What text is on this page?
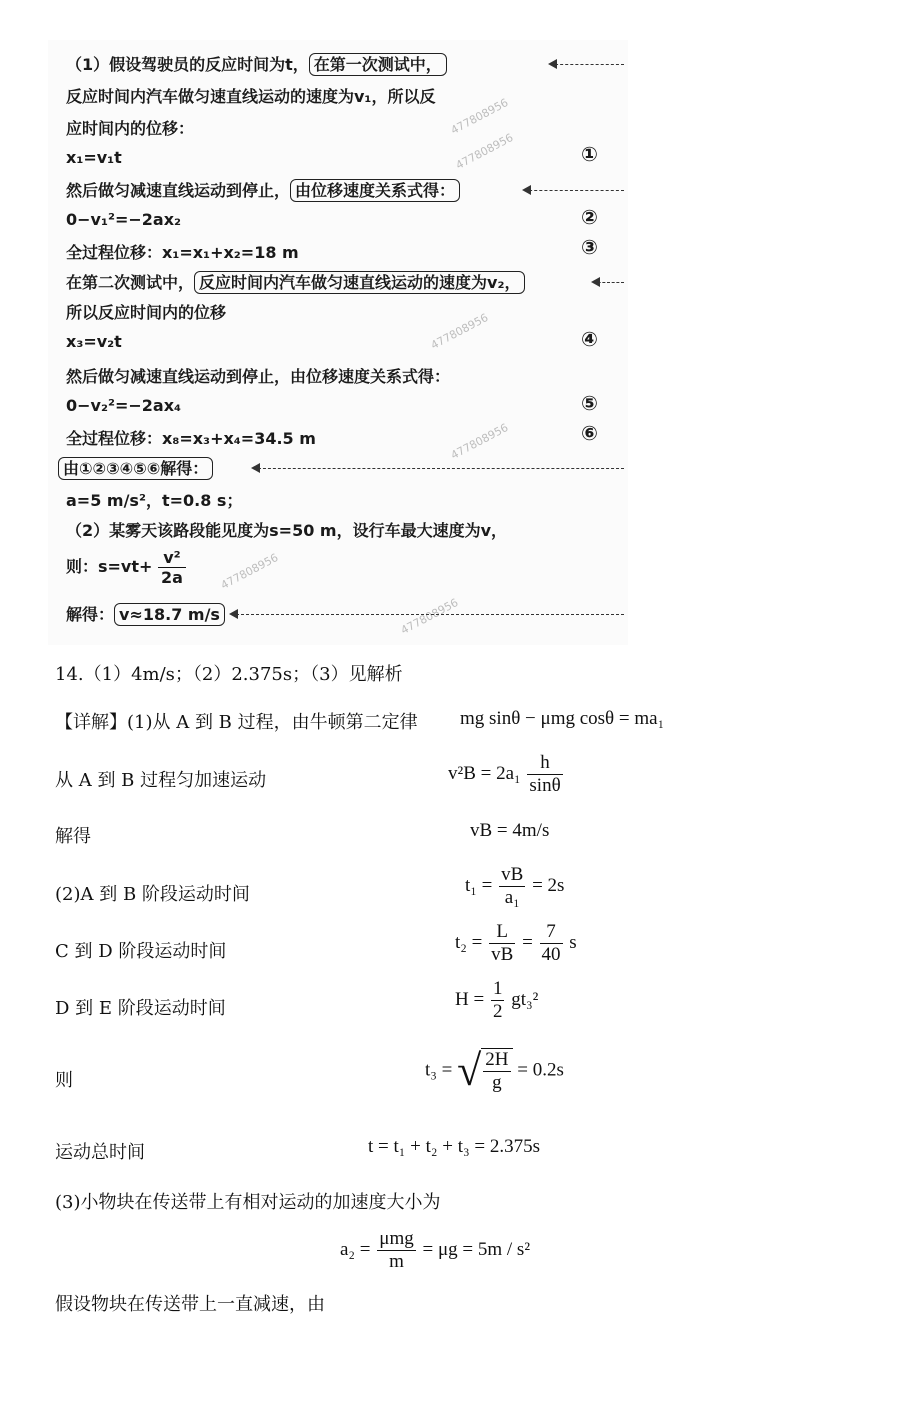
477808956
477808956
477808956
477808956
477808956
477808956
（1）假设驾驶员的反应时间为t， 在第一次测试中，
反应时间内汽车做匀速直线运动的速度为v₁，所以反
应时间内的位移：
x₁=v₁t	①
然后做匀减速直线运动到停止， 由位移速度关系式得：
0−v₁²=−2ax₂	②
全过程位移：x₁=x₁+x₂=18 m	③
在第二次测试中， 反应时间内汽车做匀速直线运动的速度为v₂，
所以反应时间内的位移
x₃=v₂t	④
然后做匀减速直线运动到停止，由位移速度关系式得：
0−v₂²=−2ax₄	⑤
全过程位移：x₈=x₃+x₄=34.5 m	⑥
由①②③④⑤⑥解得：
a=5 m/s²，t=0.8 s；
（2）某雾天该路段能见度为s=50 m，设行车最大速度为v，
则：$s=vt+ \frac{\text{v²}}{2a}$
解得： v≈18.7 m/s
14.（1）4m/s；（2）2.375s；（3）见解析
【详解】(1)从 A 到 B 过程，由牛顿第二定律 mg sinθ − μmg cosθ = ma₁
从 A 到 B 过程匀加速运动	$v^2B = 2a_1 \frac{h}{\sin\theta}$
解得	vB = 4m/s
(2)A 到 B 阶段运动时间	$t_1 = \frac{vB}{\text{a₁}} = 2s$
C 到 D 阶段运动时间	$t_2 = \frac{L}{vB} = \frac{7}{40}$ s
D 到 E 阶段运动时间	$H = \frac{1}{2} gt_3^2$
则
t₃ = √ $\frac{2H}{g} = 0.2s$
运动总时间	t = t₁ + t₂ + t₃ = 2.375s
(3)小物块在传送带上有相对运动的加速度大小为
a₂ =
μmg
m
= μg = 5m / s²
假设物块在传送带上一直减速，由
